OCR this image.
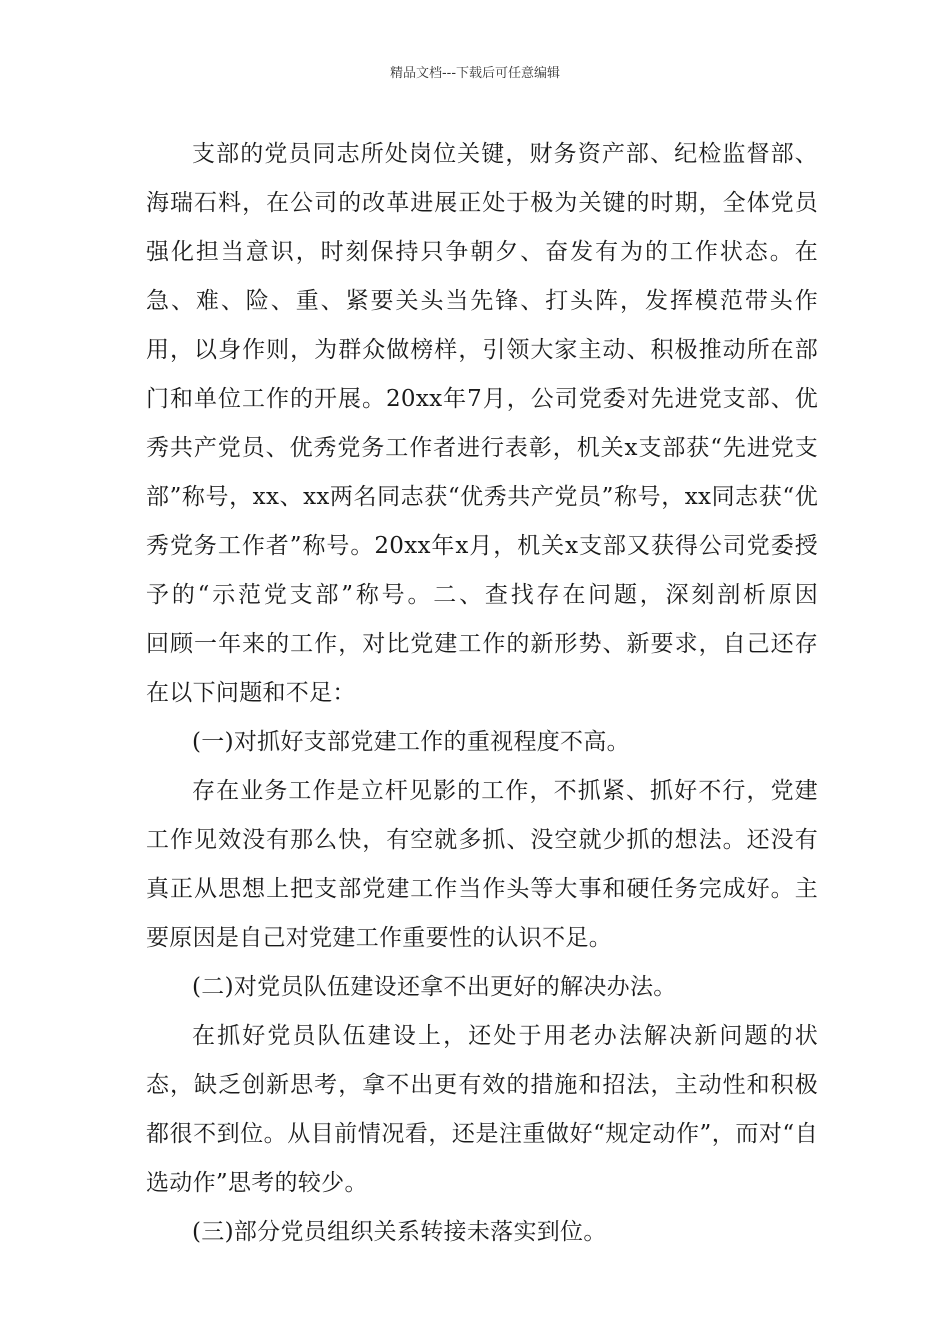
精品文档---下载后可任意编辑

支部的党员同志所处岗位关键，财务资产部、纪检监督部、海瑞石料，在公司的改革进展正处于极为关键的时期，全体党员强化担当意识，时刻保持只争朝夕、奋发有为的工作状态。在急、难、险、重、紧要关头当先锋、打头阵，发挥模范带头作用，以身作则，为群众做榜样，引领大家主动、积极推动所在部门和单位工作的开展。20xx年7月，公司党委对先进党支部、优秀共产党员、优秀党务工作者进行表彰，机关x支部获“先进党支部”称号，xx、xx两名同志获“优秀共产党员”称号，xx同志获“优秀党务工作者”称号。20xx年x月，机关x支部又获得公司党委授予的“示范党支部”称号。二、查找存在问题，深刻剖析原因　　回顾一年来的工作，对比党建工作的新形势、新要求，自己还存在以下问题和不足：

(一)对抓好支部党建工作的重视程度不高。

存在业务工作是立杆见影的工作，不抓紧、抓好不行，党建工作见效没有那么快，有空就多抓、没空就少抓的想法。还没有真正从思想上把支部党建工作当作头等大事和硬任务完成好。主要原因是自己对党建工作重要性的认识不足。

(二)对党员队伍建设还拿不出更好的解决办法。

在抓好党员队伍建设上，还处于用老办法解决新问题的状态，缺乏创新思考，拿不出更有效的措施和招法，主动性和积极都很不到位。从目前情况看，还是注重做好“规定动作”，而对“自选动作”思考的较少。

(三)部分党员组织关系转接未落实到位。
